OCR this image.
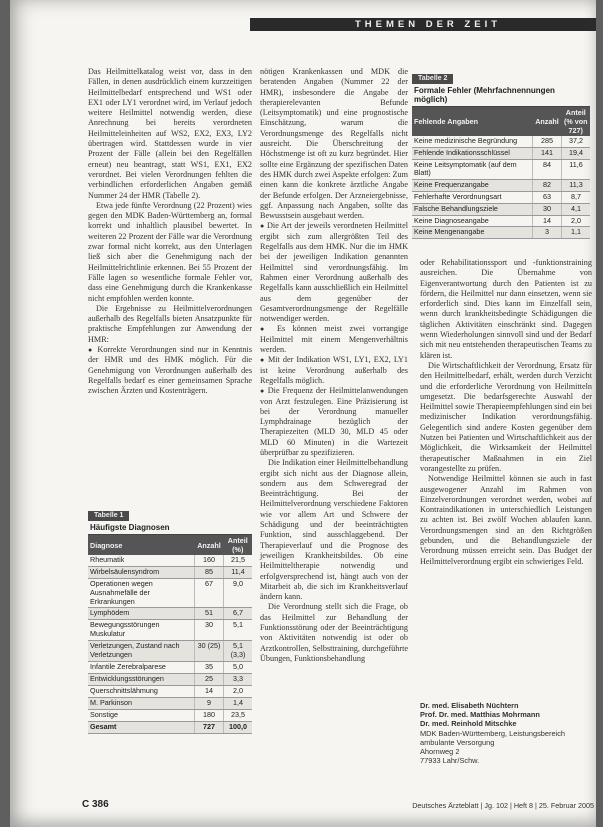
THEMEN DER ZEIT

Das Heilmittelkatalog weist vor, dass in den Fällen, in denen ausdrücklich einem kurzzeitigen Heilmittelbedarf entsprechend und WS1 oder EX1 oder LY1 verordnet wird, im Verlauf jedoch weitere Heilmittel notwendig werden, diese Anrechnung bei bereits verordneten Heilmitteleinheiten auf WS2, EX2, EX3, LY2 übertragen wird. Stattdessen wurde in vier Prozent der Fälle (allein bei den Regelfällen erneut) neu beantragt, statt WS1, EX1, EX2 verordnet. Bei vielen Verordnungen fehlten die verbindlichen erforderlichen Angaben gemäß Nummer 24 der HMR (Tabelle 2).

Etwa jede fünfte Verordnung (22 Prozent) wies gegen den MDK Baden-Württemberg an, formal korrekt und inhaltlich plausibel bewertet. In weiteren 22 Prozent der Fälle war die Verordnung zwar formal nicht korrekt, aus den Unterlagen ließ sich aber die Genehmigung nach der Heilmittelrichtlinie erkennen. Bei 55 Prozent der Fälle lagen so wesentliche formale Fehler vor, dass eine Genehmigung durch die Krankenkasse nicht empfohlen werden konnte.

Die Ergebnisse zu Heilmittelverordnungen außerhalb des Regelfalls bieten Ansatzpunkte für praktische Empfehlungen zur Anwendung der HMR:

● Korrekte Verordnungen sind nur in Kenntnis der HMR und des HMK möglich. Für die Genehmigung von Verordnungen außerhalb des Regelfalls bedarf es einer gemeinsamen Sprache zwischen Ärzten und Kostenträgern.

Tabelle 1
Häufigste Diagnosen
Diagnose	Anzahl	Anteil (%)
Rheumatik	160	21,5
Wirbelsäulensyndrom	85	11,4
Operationen wegen Ausnahmefälle der Erkrankungen	67	9,0
Lymphödem	51	6,7
Bewegungsstörungen Muskulatur	30	5,1
Verletzungen, Zustand nach Verletzungen	30 (25)	5,1 (3,3)
Infantile Zerebralparese	35	5,0
Entwicklungsstörungen	25	3,3
Querschnittslähmung	14	2,0
M. Parkinson	9	1,4
Sonstige	180	23,5
Gesamt	727	100,0

nötigen Krankenkassen und MDK die beratenden Angaben (Nummer 22 der HMR), insbesondere die Angabe der therapierelevanten Befunde (Leitsymptomatik) und eine prognostische Einschätzung, warum die Verordnungsmenge des Regelfalls nicht ausreicht. Die Überschreitung der Höchstmenge ist oft zu kurz begründet. Hier sollte eine Ergänzung der spezifischen Daten des HMK durch zwei Aspekte erfolgen: Zum einen kann die konkrete ärztliche Angabe der Befunde erfolgen. Der Arzneiergebnisse, ggf. Anpassung nach Angaben, sollte das Bewusstsein ausgebaut werden.

● Die Art der jeweils verordneten Heilmittel ergibt sich zum allergrößten Teil des Regelfalls aus dem HMK. Nur die im HMK bei der jeweiligen Indikation genannten Heilmittel sind verordnungsfähig. Im Rahmen einer Verordnung außerhalb des Regelfalls kann ausschließlich ein Heilmittel aus dem gegenüber der Gesamtverordnungsmenge der Regelfälle notwendiger werden.

● Es können meist zwei vorrangige Heilmittel mit einem Mengenverhältnis werden.

● Mit der Indikation WS1, LY1, EX2, LY1 ist keine Verordnung außerhalb des Regelfalls möglich.

● Die Frequenz der Heilmittelanwendungen von Arzt festzulegen. Eine Präzisierung ist bei der Verordnung manueller Lymphdrainage bezüglich der Therapiezeiten (MLD 30, MLD 45 oder MLD 60 Minuten) in die Wartezeit überprüfbar zu spezifizieren.

Die Indikation einer Heilmittelbehandlung ergibt sich nicht aus der Diagnose allein, sondern aus dem Schweregrad der Beeinträchtigung. Bei der Heilmittelverordnung verschiedene Faktoren wie vor allem Art und Schwere der Schädigung und der beeinträchtigten Funktion, sind ausschlaggebend. Der Therapieverlauf und die Prognose des jeweiligen Krankheitsbildes. Ob eine Heilmitteltherapie notwendig und erfolgversprechend ist, hängt auch von der Mitarbeit ab, die sich im Krankheitsverlauf ändern kann.

Die Verordnung stellt sich die Frage, ob das Heilmittel zur Behandlung der Funktionsstörung oder der Beeinträchtigung von Aktivitäten notwendig ist oder ob Arztkontrollen, Selbsttraining, durchgeführte Übungen, Funktionsbehandlung

Tabelle 2
Formale Fehler (Mehrfachnennungen möglich)
Fehlende Angaben	Anzahl	Anteil (% von 727)
Keine medizinische Begründung	285	37,2
Fehlende Indikationsschlüssel	141	19,4
Keine Leitsymptomatik (auf dem Blatt)	84	11,6
Keine Frequenzangabe	82	11,3
Fehlerhafte Verordnungsart	63	8,7
Falsche Behandlungsziele	30	4,1
Keine Diagnoseangabe	14	2,0
Keine Mengenangabe	3	1,1

oder Rehabilitationssport und -funktionstraining ausreichen. Die Übernahme von Eigenverantwortung durch den Patienten ist zu fördern, die Heilmittel nur dann einsetzen, wenn sie erforderlich sind. Dies kann im Einzelfall sein, wenn durch krankheitsbedingte Schädigungen die täglichen Aktivitäten einschränkt sind. Dagegen wenn Wiederholungen sinnvoll sind und der Bedarf sich mit neu entstehenden therapeutischen Teams zu klären ist.

Die Wirtschaftlichkeit der Verordnung, Ersatz für den Heilmittelbedarf, erhält, werden durch Verzicht und die erforderliche Verordnung von Heilmitteln umgesetzt. Die bedarfsgerechte Auswahl der Heilmittel sowie Therapieempfehlungen sind ein bei medizinischer Indikation verordnungsfähig. Gelegentlich sind andere Kosten gegenüber dem Nutzen bei Patienten und Wirtschaftlichkeit aus der Möglichkeit, die Wirksamkeit der Heilmittel therapeutischer Maßnahmen in ein Ziel vorangestellte zu prüfen.

Notwendige Heilmittel können sie auch in fast ausgewogener Anzahl im Rahmen von Einzelverordnungen verordnet werden, wobei auf Kontraindikationen in unterschiedlich Leistungen zu achten ist. Bei zwölf Wochen ablaufen kann. Verordnungsmengen sind an den Richtgrößen gebunden, und die Behandlungsziele der Verordnung müssen erreicht sein. Das Budget der Heilmittelverordnung ergibt ein schwieriges Feld.

Dr. med. Elisabeth Nüchtern
Prof. Dr. med. Matthias Mohrmann
Dr. med. Reinhold Mitschke
MDK Baden-Württemberg, Leistungsbereich
ambulante Versorgung
Ahornweg 2
77933 Lahr/Schw.
C 386	Deutsches Ärzteblatt | Jg. 102 | Heft 8 | 25. Februar 2005
